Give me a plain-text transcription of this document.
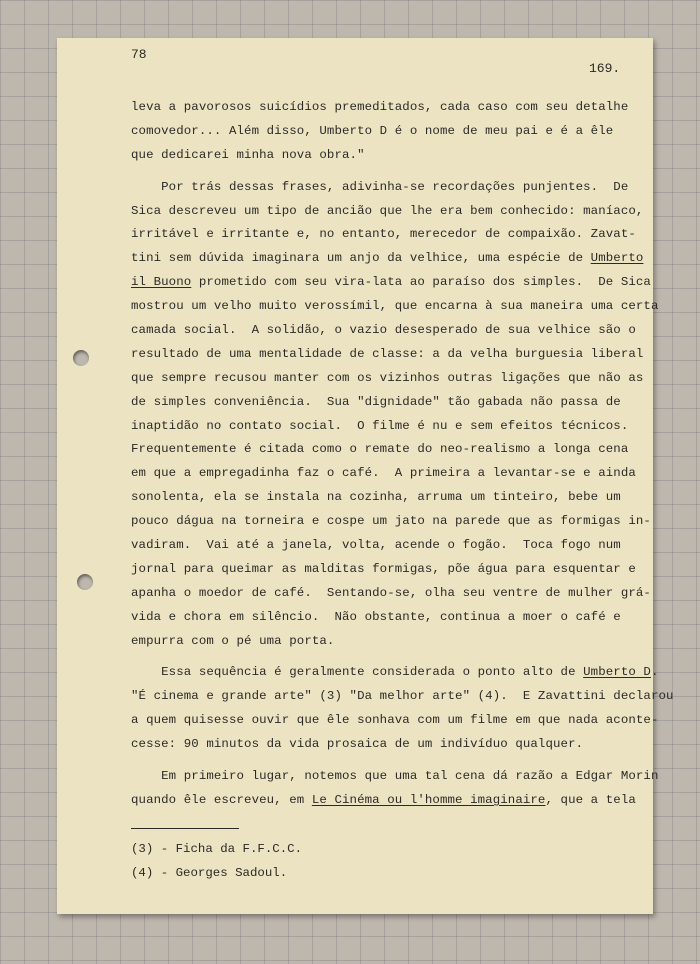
78
169.
leva a pavorosos suicídios premeditados, cada caso com seu detalhe
comovedor... Além disso, Umberto D é o nome de meu pai e é a êle
que dedicarei minha nova obra."
Por trás dessas frases, adivinha-se recordações punjentes.  De
Sica descreveu um tipo de ancião que lhe era bem conhecido: maníaco,
irritável e irritante e, no entanto, merecedor de compaixão. Zavat-
tini sem dúvida imaginara um anjo da velhice, uma espécie de Umberto
il Buono prometido com seu vira-lata ao paraíso dos simples.  De Sica
mostrou um velho muito verossímil, que encarna à sua maneira uma certa
camada social.  A solidão, o vazio desesperado de sua velhice são o
resultado de uma mentalidade de classe: a da velha burguesia liberal
que sempre recusou manter com os vizinhos outras ligações que não as
de simples conveniência.  Sua "dignidade" tão gabada não passa de
inaptidão no contato social.  O filme é nu e sem efeitos técnicos.
Frequentemente é citada como o remate do neo-realismo a longa cena
em que a empregadinha faz o café.  A primeira a levantar-se e ainda
sonolenta, ela se instala na cozinha, arruma um tinteiro, bebe um
pouco dágua na torneira e cospe um jato na parede que as formigas in-
vadiram.  Vai até a janela, volta, acende o fogão.  Toca fogo num
jornal para queimar as malditas formigas, põe água para esquentar e
apanha o moedor de café.  Sentando-se, olha seu ventre de mulher grá-
vida e chora em silêncio.  Não obstante, continua a moer o café e
empurra com o pé uma porta.
Essa sequência é geralmente considerada o ponto alto de Umberto D.
"É cinema e grande arte" (3) "Da melhor arte" (4).  E Zavattini declarou
a quem quisesse ouvir que êle sonhava com um filme em que nada aconte-
cesse: 90 minutos da vida prosaica de um indivíduo qualquer.
Em primeiro lugar, notemos que uma tal cena dá razão a Edgar Morin
quando êle escreveu, em Le Cinéma ou l'homme imaginaire, que a tela
(3) - Ficha da F.F.C.C.
(4) - Georges Sadoul.
